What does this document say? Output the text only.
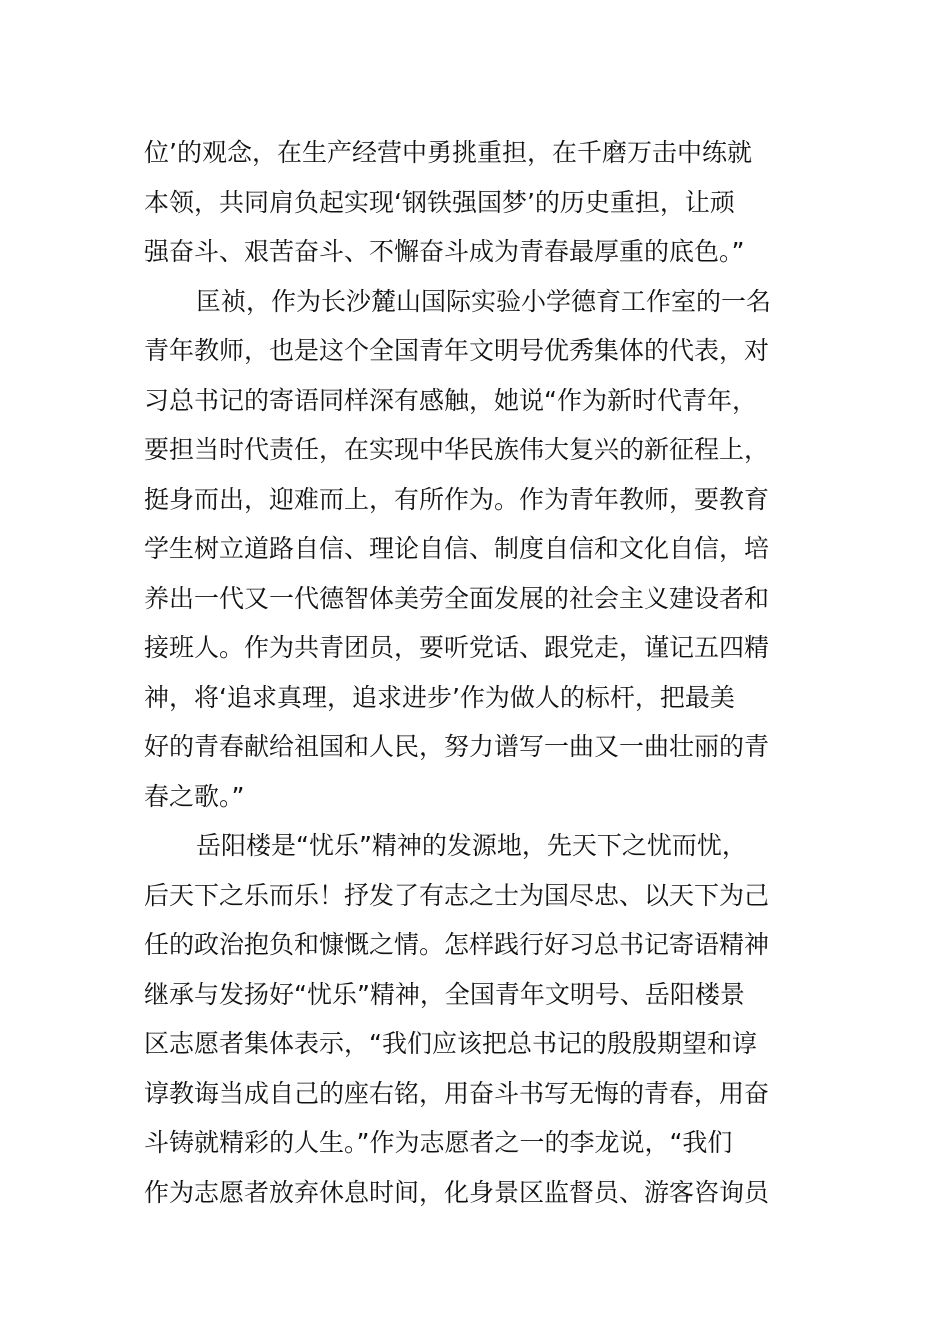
位’的观念，在生产经营中勇挑重担，在千磨万击中练就
本领，共同肩负起实现‘钢铁强国梦’的历史重担，让顽
强奋斗、艰苦奋斗、不懈奋斗成为青春最厚重的底色。”
匡祯，作为长沙麓山国际实验小学德育工作室的一名
青年教师，也是这个全国青年文明号优秀集体的代表，对
习总书记的寄语同样深有感触，她说“作为新时代青年，
要担当时代责任，在实现中华民族伟大复兴的新征程上，
挺身而出，迎难而上，有所作为。作为青年教师，要教育
学生树立道路自信、理论自信、制度自信和文化自信，培
养出一代又一代德智体美劳全面发展的社会主义建设者和
接班人。作为共青团员，要听党话、跟党走，谨记五四精
神，将‘追求真理，追求进步’作为做人的标杆，把最美
好的青春献给祖国和人民，努力谱写一曲又一曲壮丽的青
春之歌。”
岳阳楼是“忧乐”精神的发源地，先天下之忧而忧，
后天下之乐而乐！抒发了有志之士为国尽忠、以天下为己
任的政治抱负和慷慨之情。怎样践行好习总书记寄语精神
继承与发扬好“忧乐”精神，全国青年文明号、岳阳楼景
区志愿者集体表示，“我们应该把总书记的殷殷期望和谆
谆教诲当成自己的座右铭，用奋斗书写无悔的青春，用奋
斗铸就精彩的人生。”作为志愿者之一的李龙说，“我们
作为志愿者放弃休息时间，化身景区监督员、游客咨询员
